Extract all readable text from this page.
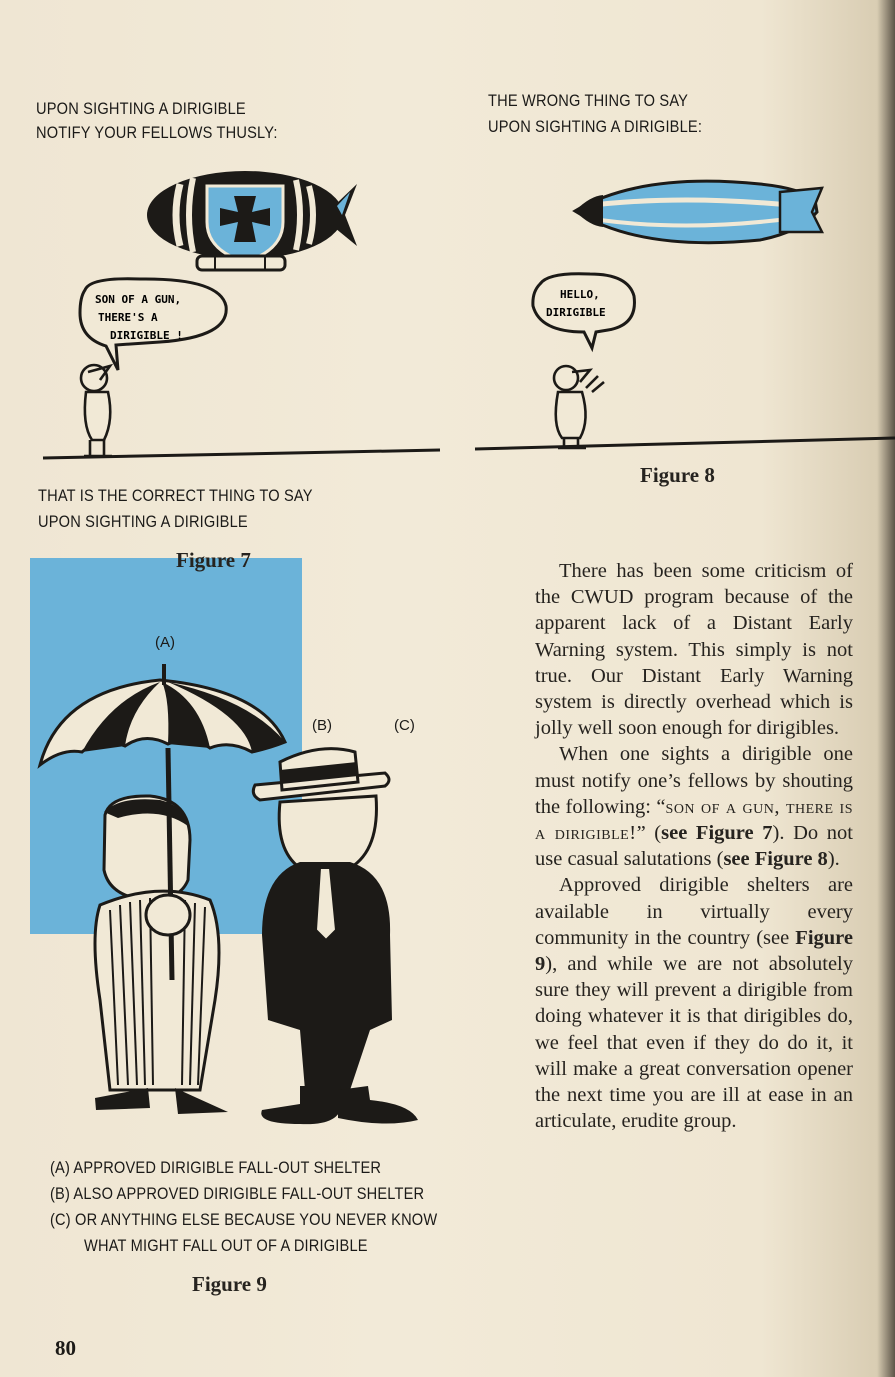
(A)
(B)	(C)
SON OF A GUN,
THERE'S A
DIRIGIBLE !
HELLO,
DIRIGIBLE
UPON SIGHTING A DIRIGIBLE
NOTIFY YOUR FELLOWS THUSLY:
THE WRONG THING TO SAY
UPON SIGHTING A DIRIGIBLE:
THAT IS THE CORRECT THING TO SAY
UPON SIGHTING A DIRIGIBLE
Figure 7
Figure 8
Figure 9
(A) APPROVED DIRIGIBLE FALL-OUT SHELTER
(B) ALSO APPROVED DIRIGIBLE FALL-OUT SHELTER
(C) OR ANYTHING ELSE BECAUSE YOU NEVER KNOW
WHAT MIGHT FALL OUT OF A DIRIGIBLE

There has been some criticism of the CWUD program because of the apparent lack of a Distant Early Warning system. This simply is not true. Our Distant Early Warning system is directly overhead which is jolly well soon enough for dirigibles.

When one sights a dirigible one must notify one’s fellows by shouting the following: “son of a gun, there is a dirigible!” (see Figure 7). Do not use casual salutations (see Figure 8).

Approved dirigible shelters are available in virtually every community in the country (see Figure 9), and while we are not absolutely sure they will prevent a dirigible from doing whatever it is that dirigibles do, we feel that even if they do do it, it will make a great conversation opener the next time you are ill at ease in an articulate, erudite group.

80
